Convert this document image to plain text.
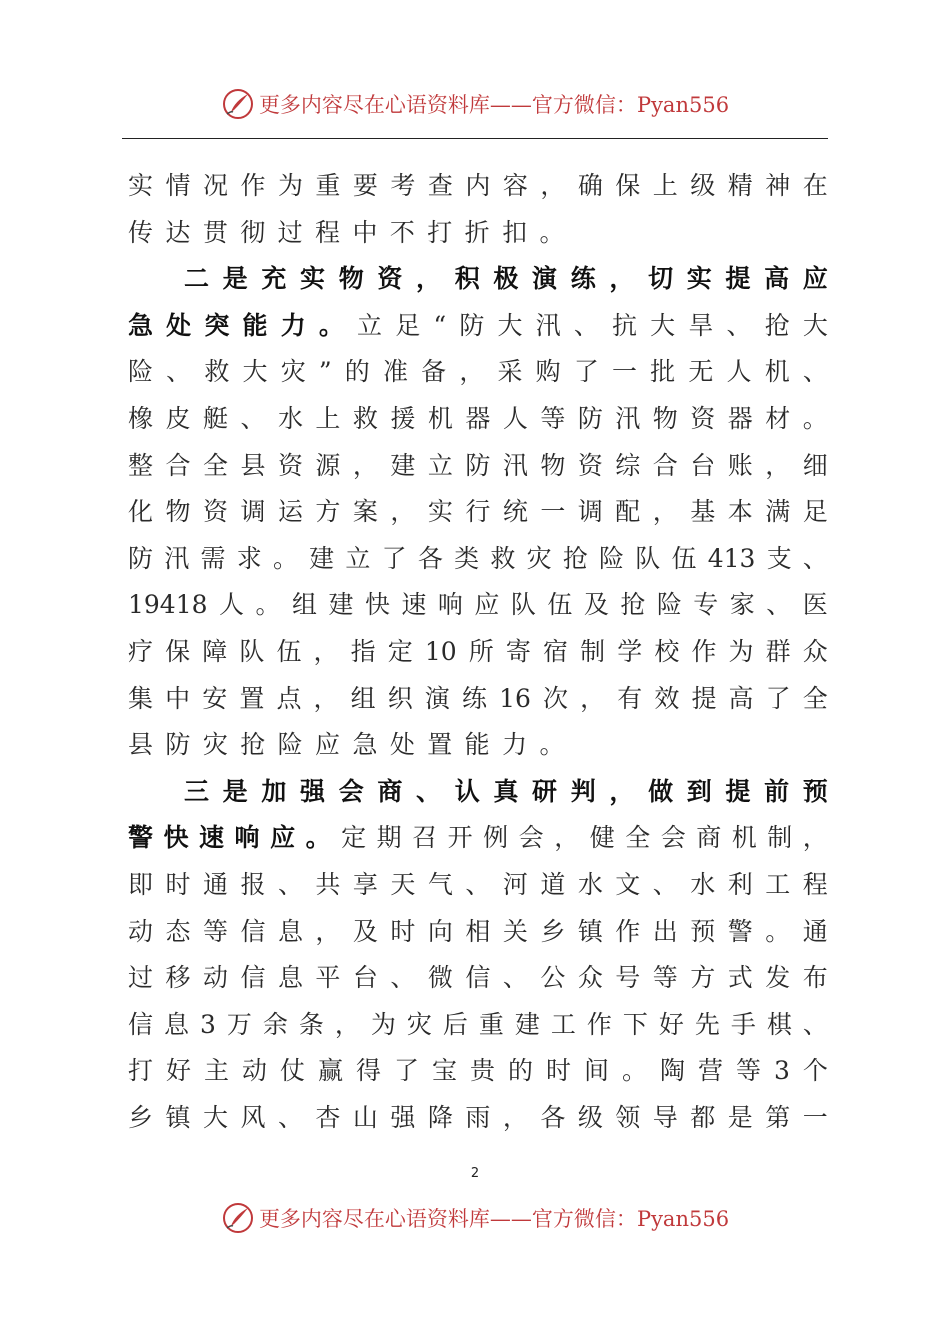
更多内容尽在心语资料库——官方微信：Pyan556
实 情 况 作 为 重 要 考 查 内 容 ， 确 保 上 级 精 神 在
传 达 贯 彻 过 程 中 不 打 折 扣 。
二 是 充 实 物 资 ， 积 极 演 练 ， 切 实 提 高 应
急 处 突 能 力 。 立 足 “ 防 大 汛 、 抗 大 旱 、 抢 大
险 、 救 大 灾 ” 的 准 备 ， 采 购 了 一 批 无 人 机 、
橡 皮 艇 、 水 上 救 援 机 器 人 等 防 汛 物 资 器 材 。
整 合 全 县 资 源 ， 建 立 防 汛 物 资 综 合 台 账 ， 细
化 物 资 调 运 方 案 ， 实 行 统 一 调 配 ， 基 本 满 足
防 汛 需 求 。 建 立 了 各 类 救 灾 抢 险 队 伍 413 支 、
19418 人 。 组 建 快 速 响 应 队 伍 及 抢 险 专 家 、 医
疗 保 障 队 伍 ， 指 定 10 所 寄 宿 制 学 校 作 为 群 众
集 中 安 置 点 ， 组 织 演 练 16 次 ， 有 效 提 高 了 全
县 防 灾 抢 险 应 急 处 置 能 力 。
三 是 加 强 会 商 、 认 真 研 判 ， 做 到 提 前 预
警 快 速 响 应 。 定 期 召 开 例 会 ， 健 全 会 商 机 制 ，
即 时 通 报 、 共 享 天 气 、 河 道 水 文 、 水 利 工 程
动 态 等 信 息 ， 及 时 向 相 关 乡 镇 作 出 预 警 。 通
过 移 动 信 息 平 台 、 微 信 、 公 众 号 等 方 式 发 布
信 息 3 万 余 条 ， 为 灾 后 重 建 工 作 下 好 先 手 棋 、
打 好 主 动 仗 赢 得 了 宝 贵 的 时 间 。 陶 营 等 3 个
乡 镇 大 风 、 杏 山 强 降 雨 ， 各 级 领 导 都 是 第 一
2
更多内容尽在心语资料库——官方微信：Pyan556
